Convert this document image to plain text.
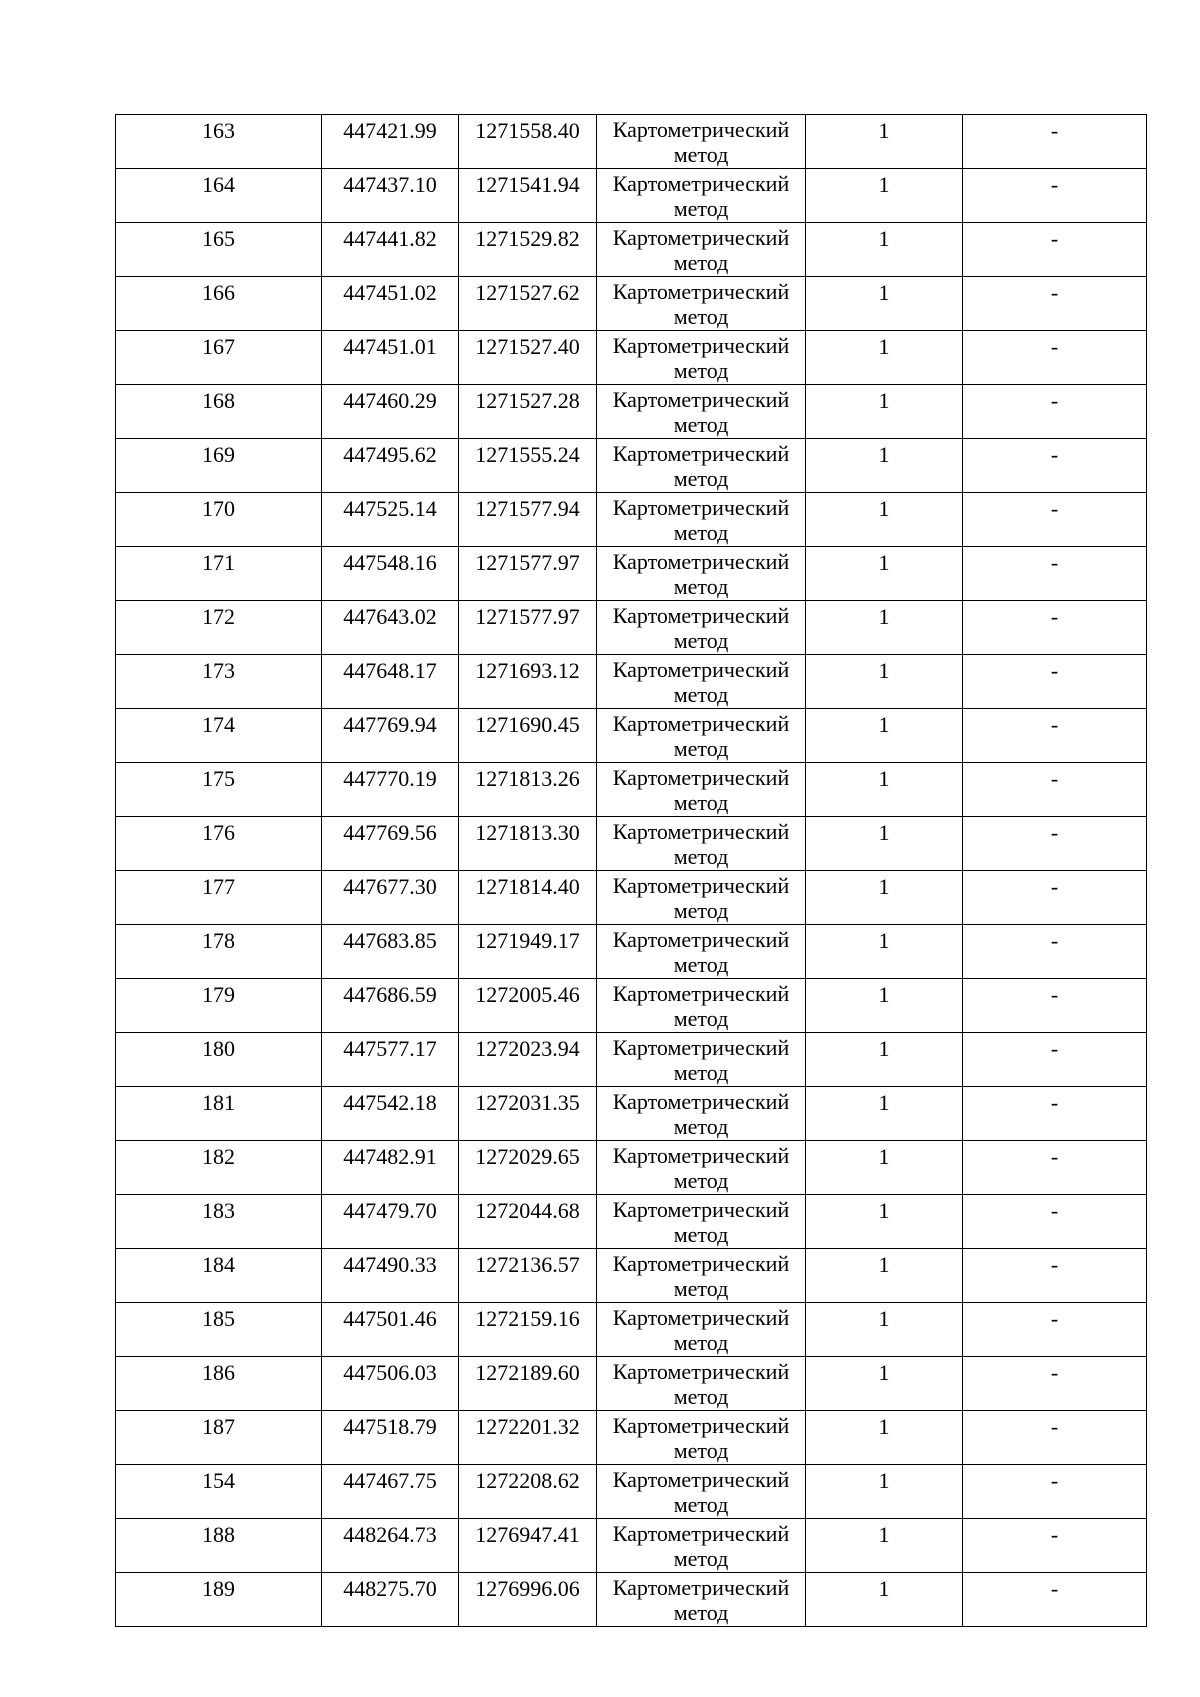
163	447421.99	1271558.40	Картометрический метод	1	-
164	447437.10	1271541.94	Картометрический метод	1	-
165	447441.82	1271529.82	Картометрический метод	1	-
166	447451.02	1271527.62	Картометрический метод	1	-
167	447451.01	1271527.40	Картометрический метод	1	-
168	447460.29	1271527.28	Картометрический метод	1	-
169	447495.62	1271555.24	Картометрический метод	1	-
170	447525.14	1271577.94	Картометрический метод	1	-
171	447548.16	1271577.97	Картометрический метод	1	-
172	447643.02	1271577.97	Картометрический метод	1	-
173	447648.17	1271693.12	Картометрический метод	1	-
174	447769.94	1271690.45	Картометрический метод	1	-
175	447770.19	1271813.26	Картометрический метод	1	-
176	447769.56	1271813.30	Картометрический метод	1	-
177	447677.30	1271814.40	Картометрический метод	1	-
178	447683.85	1271949.17	Картометрический метод	1	-
179	447686.59	1272005.46	Картометрический метод	1	-
180	447577.17	1272023.94	Картометрический метод	1	-
181	447542.18	1272031.35	Картометрический метод	1	-
182	447482.91	1272029.65	Картометрический метод	1	-
183	447479.70	1272044.68	Картометрический метод	1	-
184	447490.33	1272136.57	Картометрический метод	1	-
185	447501.46	1272159.16	Картометрический метод	1	-
186	447506.03	1272189.60	Картометрический метод	1	-
187	447518.79	1272201.32	Картометрический метод	1	-
154	447467.75	1272208.62	Картометрический метод	1	-
188	448264.73	1276947.41	Картометрический метод	1	-
189	448275.70	1276996.06	Картометрический метод	1	-
